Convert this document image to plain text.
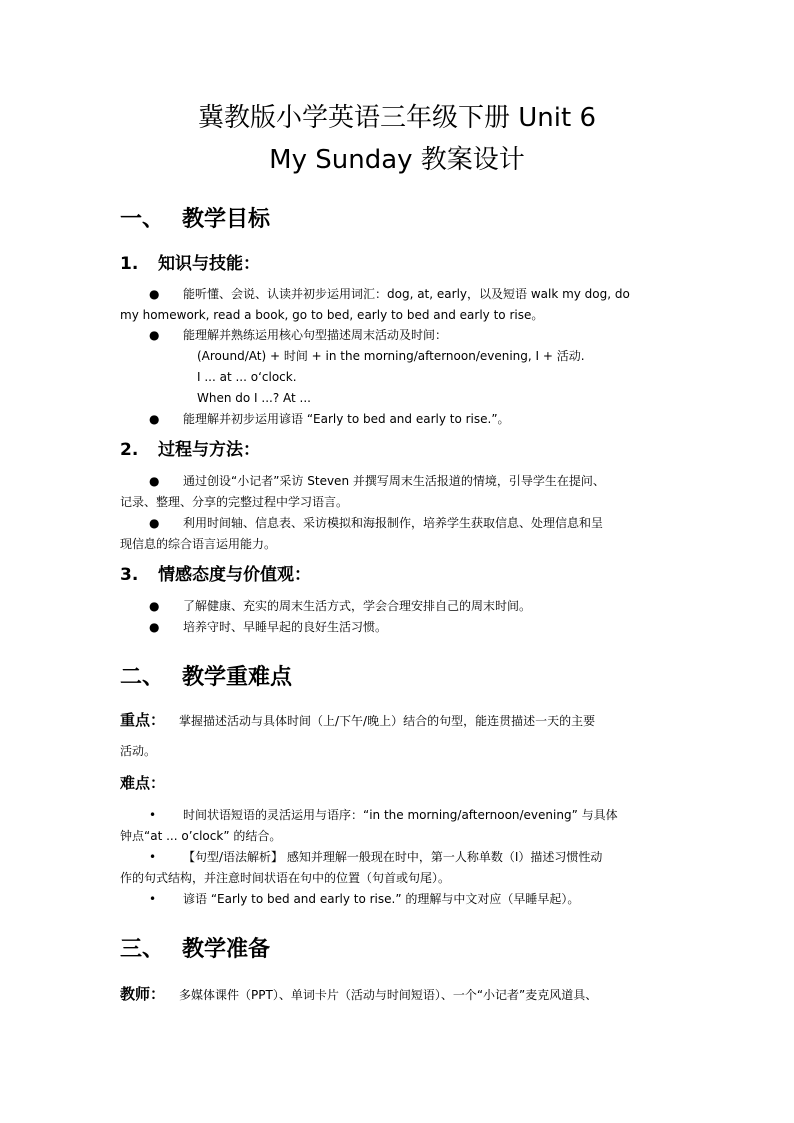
冀教版小学英语三年级下册 Unit 6
My Sunday 教案设计
一、 教学目标
1. 知识与技能：
● 能听懂、会说、认读并初步运用词汇：dog, at, early，以及短语 walk my dog, do
my homework, read a book, go to bed, early to bed and early to rise。
● 能理解并熟练运用核心句型描述周末活动及时间：
(Around/At) + 时间 + in the morning/afternoon/evening, I + 活动.
I ... at ... o‘clock.
When do I ...? At ...
● 能理解并初步运用谚语 “Early to bed and early to rise.”。
2. 过程与方法：
● 通过创设“小记者”采访 Steven 并撰写周末生活报道的情境，引导学生在提问、
记录、整理、分享的完整过程中学习语言。
● 利用时间轴、信息表、采访模拟和海报制作，培养学生获取信息、处理信息和呈
现信息的综合语言运用能力。
3. 情感态度与价值观：
● 了解健康、充实的周末生活方式，学会合理安排自己的周末时间。
● 培养守时、早睡早起的良好生活习惯。
二、 教学重难点
重点： 掌握描述活动与具体时间（上/下午/晚上）结合的句型，能连贯描述一天的主要
活动。
难点：
• 时间状语短语的灵活运用与语序：“in the morning/afternoon/evening” 与具体
钟点“at ... o’clock” 的结合。
• 【句型/语法解析】 感知并理解一般现在时中，第一人称单数（I）描述习惯性动
作的句式结构，并注意时间状语在句中的位置（句首或句尾）。
• 谚语 “Early to bed and early to rise.” 的理解与中文对应（早睡早起）。
三、 教学准备
教师： 多媒体课件（PPT）、单词卡片（活动与时间短语）、一个“小记者”麦克风道具、
